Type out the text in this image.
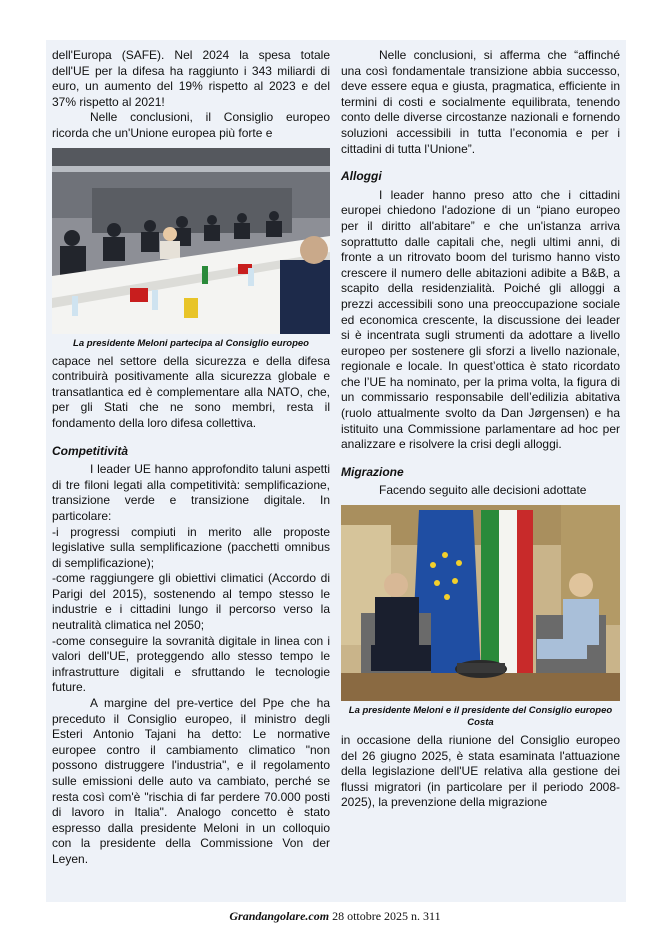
dell'Europa (SAFE). Nel 2024 la spesa totale dell'UE per la difesa ha raggiunto i 343 miliardi di euro, un aumento del 19% rispetto al 2023 e del 37% rispetto al 2021!

Nelle conclusioni, il Consiglio europeo ricorda che un'Unione europea più forte e

La presidente Meloni partecipa al Consiglio europeo

capace nel settore della sicurezza e della difesa contribuirà positivamente alla sicurezza globale e transatlantica ed è complementare alla NATO, che, per gli Stati che ne sono membri, resta il fondamento della loro difesa collettiva.

Competitività

I leader UE hanno approfondito taluni aspetti di tre filoni legati alla competitività: semplificazione, transizione verde e transizione digitale. In particolare:

-i progressi compiuti in merito alle proposte legislative sulla semplificazione (pacchetti omnibus di semplificazione);

-come raggiungere gli obiettivi climatici (Accordo di Parigi del 2015), sostenendo al tempo stesso le industrie e i cittadini lungo il percorso verso la neutralità climatica nel 2050;

-come conseguire la sovranità digitale in linea con i valori dell'UE, proteggendo allo stesso tempo le infrastrutture digitali e sfruttando le tecnologie future.

A margine del pre-vertice del Ppe che ha preceduto il Consiglio europeo, il ministro degli Esteri Antonio Tajani ha detto: Le normative europee contro il cambiamento climatico "non possono distruggere l'industria", e il regolamento sulle emissioni delle auto va cambiato, perché se resta così com'è "rischia di far perdere 70.000 posti di lavoro in Italia". Analogo concetto è stato espresso dalla presidente Meloni in un colloquio con la presidente della Commissione Von der Leyen.

Nelle conclusioni, si afferma che “affinché una così fondamentale transizione abbia successo, deve essere equa e giusta, pragmatica, efficiente in termini di costi e socialmente equilibrata, tenendo conto delle diverse circostanze nazionali e fornendo soluzioni accessibili in tutta l’economia e per i cittadini di tutta l’Unione”.

Alloggi

I leader hanno preso atto che i cittadini europei chiedono l'adozione di un “piano europeo per il diritto all'abitare” e che un'istanza arriva soprattutto dalle capitali che, negli ultimi anni, di fronte a un ritrovato boom del turismo hanno visto crescere il numero delle abitazioni adibite a B&B, a scapito della residenzialità. Poiché gli alloggi a prezzi accessibili sono una preoccupazione sociale ed economica crescente, la discussione dei leader si è incentrata sugli strumenti da adottare a livello europeo per sostenere gli sforzi a livello nazionale, regionale e locale. In quest’ottica è stato ricordato che l’UE ha nominato, per la prima volta, la figura di un commissario responsabile dell’edilizia abitativa (ruolo attualmente svolto da Dan Jørgensen) e ha istituito una Commissione parlamentare ad hoc per analizzare e risolvere la crisi degli alloggi.

Migrazione

Facendo seguito alle decisioni adottate

La presidente Meloni e il presidente del Consiglio europeo Costa

in occasione della riunione del Consiglio europeo del 26 giugno 2025, è stata esaminata l'attuazione della legislazione dell'UE relativa alla gestione dei flussi migratori (in particolare per il periodo 2008-2025), la prevenzione della migrazione

Grandangolare.com 28 ottobre 2025 n. 311
